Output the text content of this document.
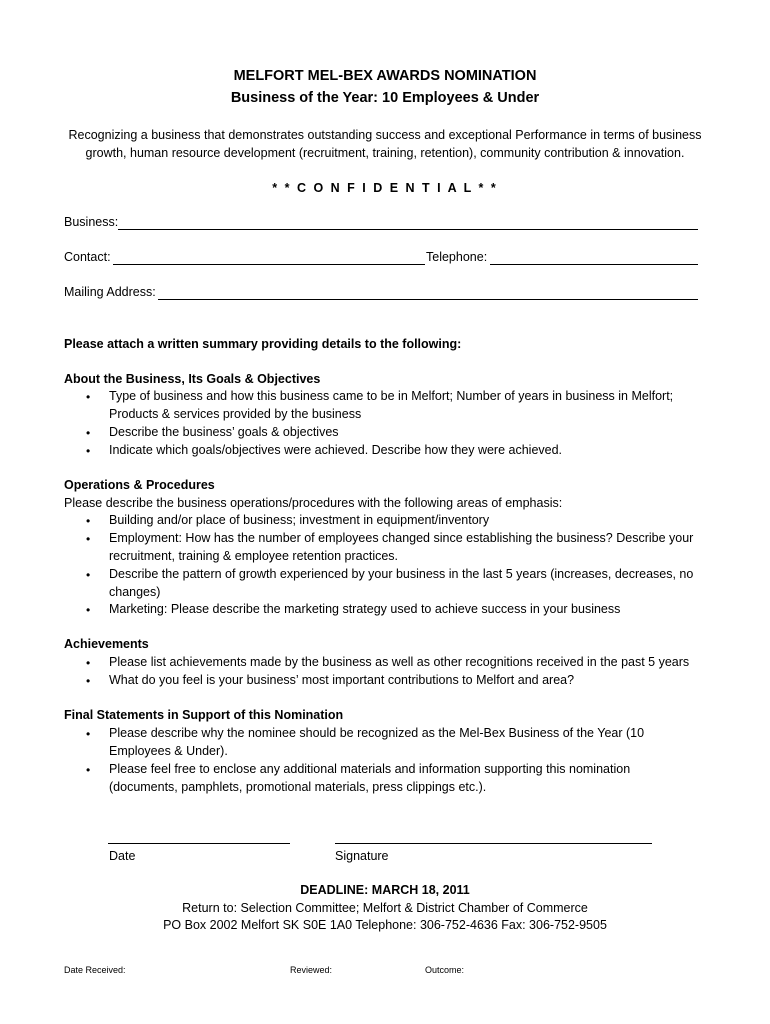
MELFORT MEL-BEX AWARDS NOMINATION
Business of the Year: 10 Employees & Under
Recognizing a business that demonstrates outstanding success and exceptional Performance in terms of business
growth, human resource development (recruitment, training, retention), community contribution & innovation.
* * C O N F I D E N T I A L * *
Business:
Contact:	Telephone:
Mailing Address:
Please attach a written summary providing details to the following:
About the Business, Its Goals & Objectives
• Type of business and how this business came to be in Melfort; Number of years in business in Melfort;
Products & services provided by the business
• Describe the business’ goals & objectives
• Indicate which goals/objectives were achieved. Describe how they were achieved.
Operations & Procedures
Please describe the business operations/procedures with the following areas of emphasis:
• Building and/or place of business; investment in equipment/inventory
• Employment: How has the number of employees changed since establishing the business? Describe your
recruitment, training & employee retention practices.
• Describe the pattern of growth experienced by your business in the last 5 years (increases, decreases, no
changes)
• Marketing: Please describe the marketing strategy used to achieve success in your business
Achievements
• Please list achievements made by the business as well as other recognitions received in the past 5 years
• What do you feel is your business’ most important contributions to Melfort and area?
Final Statements in Support of this Nomination
• Please describe why the nominee should be recognized as the Mel-Bex Business of the Year (10
Employees & Under).
• Please feel free to enclose any additional materials and information supporting this nomination
(documents, pamphlets, promotional materials, press clippings etc.).
Date	Signature
DEADLINE: MARCH 18, 2011
Return to: Selection Committee; Melfort & District Chamber of Commerce
PO Box 2002 Melfort SK S0E 1A0 Telephone: 306-752-4636 Fax: 306-752-9505
Date Received:	Reviewed:	Outcome:
